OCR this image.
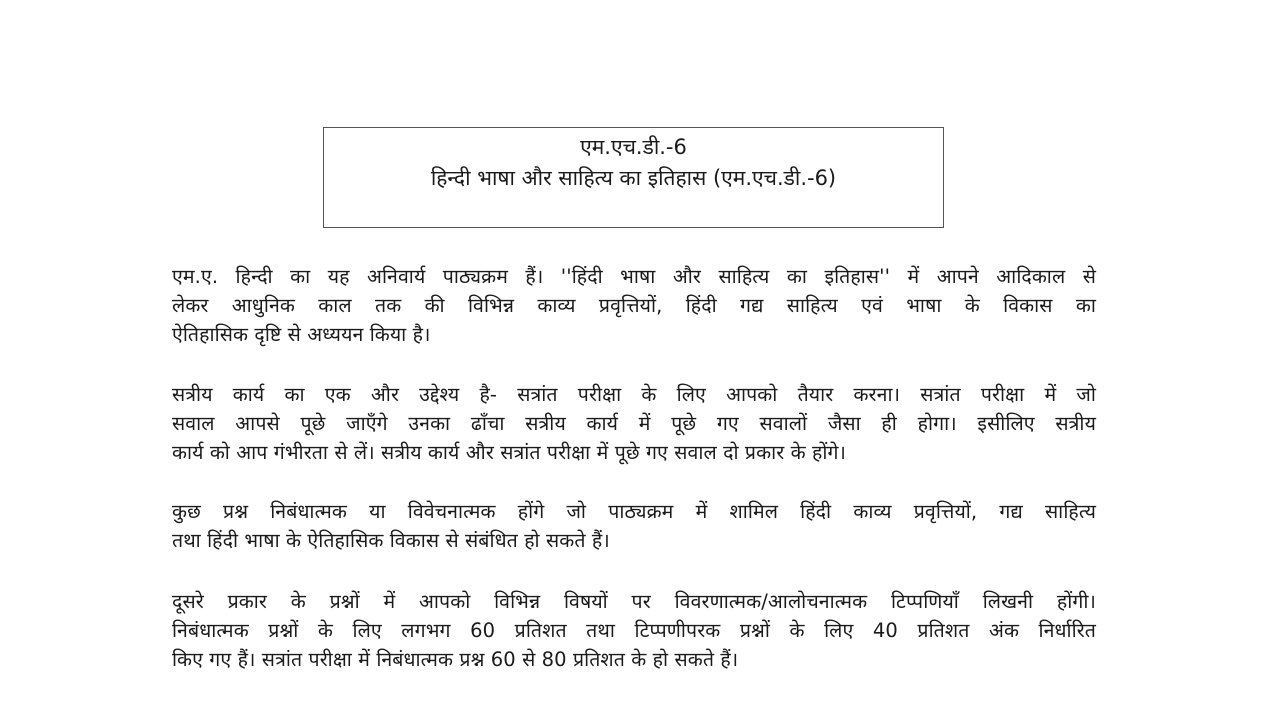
एम.एच.डी.-6
हिन्दी भाषा और साहित्य का इतिहास (एम.एच.डी.-6)

एम.ए. हिन्दी का यह अनिवार्य पाठ्यक्रम हैं। ''हिंदी भाषा और साहित्य का इतिहास'' में आपने आदिकाल से
लेकर आधुनिक काल तक की विभिन्न काव्य प्रवृत्तियों, हिंदी गद्य साहित्य एवं भाषा के विकास का
ऐतिहासिक दृष्टि से अध्ययन किया है।

सत्रीय कार्य का एक और उद्देश्य है- सत्रांत परीक्षा के लिए आपको तैयार करना। सत्रांत परीक्षा में जो
सवाल आपसे पूछे जाएँगे उनका ढाँचा सत्रीय कार्य में पूछे गए सवालों जैसा ही होगा। इसीलिए सत्रीय
कार्य को आप गंभीरता से लें। सत्रीय कार्य और सत्रांत परीक्षा में पूछे गए सवाल दो प्रकार के होंगे।

कुछ प्रश्न निबंधात्मक या विवेचनात्मक होंगे जो पाठ्यक्रम में शामिल हिंदी काव्य प्रवृत्तियों, गद्य साहित्य
तथा हिंदी भाषा के ऐतिहासिक विकास से संबंधित हो सकते हैं।

दूसरे प्रकार के प्रश्नों में आपको विभिन्न विषयों पर विवरणात्मक/आलोचनात्मक टिप्पणियाँ लिखनी होंगी।
निबंधात्मक प्रश्नों के लिए लगभग 60 प्रतिशत तथा टिप्पणीपरक प्रश्नों के लिए 40 प्रतिशत अंक निर्धारित
किए गए हैं। सत्रांत परीक्षा में निबंधात्मक प्रश्न 60 से 80 प्रतिशत के हो सकते हैं।
